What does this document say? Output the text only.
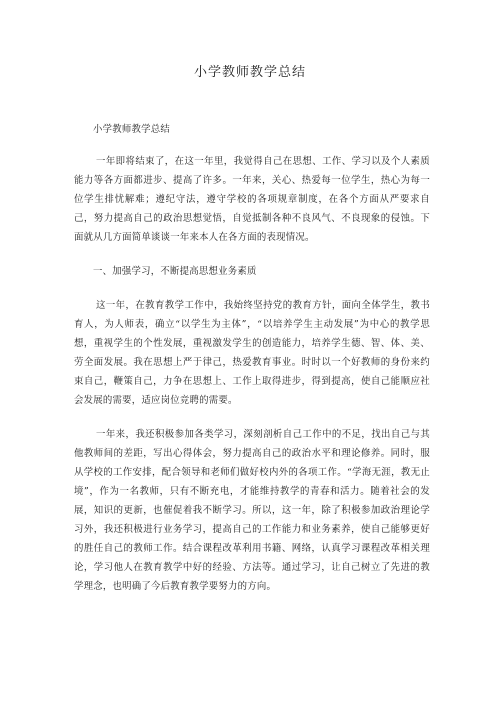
小学教师教学总结

小学教师教学总结

一年即将结束了，在这一年里，我觉得自己在思想、工作、学习以及个人素质能力等各方面都进步、提高了许多。一年来，关心、热爱每一位学生，热心为每一位学生排忧解难；遵纪守法，遵守学校的各项规章制度，在各个方面从严要求自己，努力提高自己的政治思想觉悟，自觉抵制各种不良风气、不良现象的侵蚀。下面就从几方面简单谈谈一年来本人在各方面的表现情况。

一、加强学习，不断提高思想业务素质

这一年，在教育教学工作中，我始终坚持党的教育方针，面向全体学生，教书育人，为人师表，确立“以学生为主体”，“以培养学生主动发展”为中心的教学思想，重视学生的个性发展，重视激发学生的创造能力，培养学生德、智、体、美、劳全面发展。我在思想上严于律己，热爱教育事业。时时以一个好教师的身份来约束自己，鞭策自己，力争在思想上、工作上取得进步，得到提高，使自己能顺应社会发展的需要，适应岗位竞聘的需要。

一年来，我还积极参加各类学习，深刻剖析自己工作中的不足，找出自己与其他教师间的差距，写出心得体会，努力提高自己的政治水平和理论修养。同时，服从学校的工作安排，配合领导和老师们做好校内外的各项工作。“学海无涯，教无止境”，作为一名教师，只有不断充电，才能维持教学的青春和活力。随着社会的发展，知识的更新，也催促着我不断学习。所以，这一年，除了积极参加政治理论学习外，我还积极进行业务学习，提高自己的工作能力和业务素养，使自己能够更好的胜任自己的教师工作。结合课程改革利用书籍、网络，认真学习课程改革相关理论，学习他人在教育教学中好的经验、方法等。通过学习，让自己树立了先进的教学理念，也明确了今后教育教学要努力的方向。
